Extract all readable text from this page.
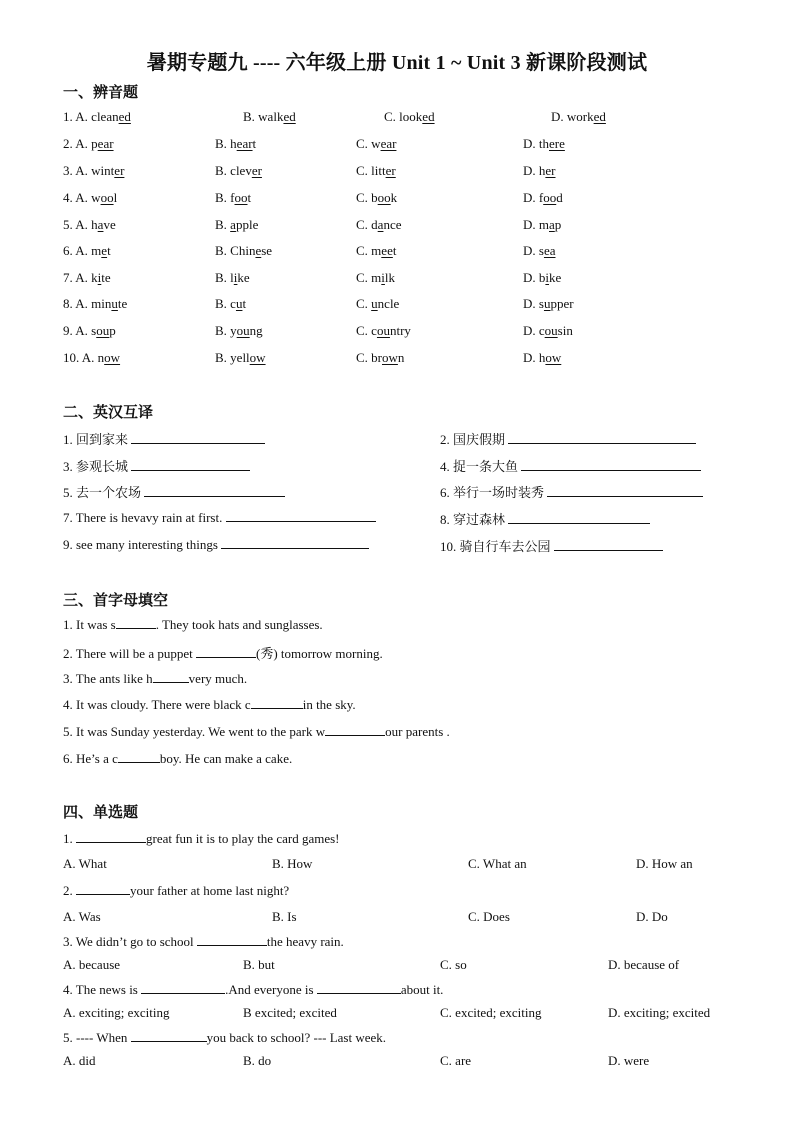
暑期专题九 ---- 六年级上册 Unit 1 ~ Unit 3 新课阶段测试
一、辨音题
1. A. cleaned	B. walked	C. looked	D. worked
2. A. pear	B. heart	C. wear	D. there
3. A. winter	B. clever	C. litter	D. her
4. A. wool	B. foot	C. book	D. food
5. A. have	B. apple	C. dance	D. map
6. A. met	B. Chinese	C. meet	D. sea
7. A. kite	B. like	C. milk	D. bike
8. A. minute	B. cut	C. uncle	D. supper
9. A. soup	B. young	C. country	D. cousin
10. A. now	B. yellow	C. brown	D. how
二、英汉互译
1. 回到家来	2. 国庆假期
3. 参观长城	4. 捉一条大鱼
5. 去一个农场	6. 举行一场时装秀
7. There is hevavy rain at first.	8. 穿过森林
9. see many interesting things	10. 骑自行车去公园
三、首字母填空
1. It was s	. They took hats and sunglasses.
2. There will be a puppet	(秀) tomorrow morning.
3. The ants like h	very much.
4. It was cloudy. There were black c	in the sky.
5. It was Sunday yesterday. We went to the park w	our parents .
6. He’s a c	boy. He can make a cake.
四、单选题
1.	great fun it is to play the card games!
A. What	B. How	C. What an	D. How an
2.	your father at home last night?
A. Was	B. Is	C. Does	D. Do
3. We didn’t go to school	the heavy rain.
A. because	B. but	C. so	D. because of
4. The news is	.And everyone is	about it.
A. exciting; exciting	B excited; excited	C. excited; exciting	D. exciting; excited
5. ---- When	you back to school? --- Last week.
A. did	B. do	C. are	D. were
